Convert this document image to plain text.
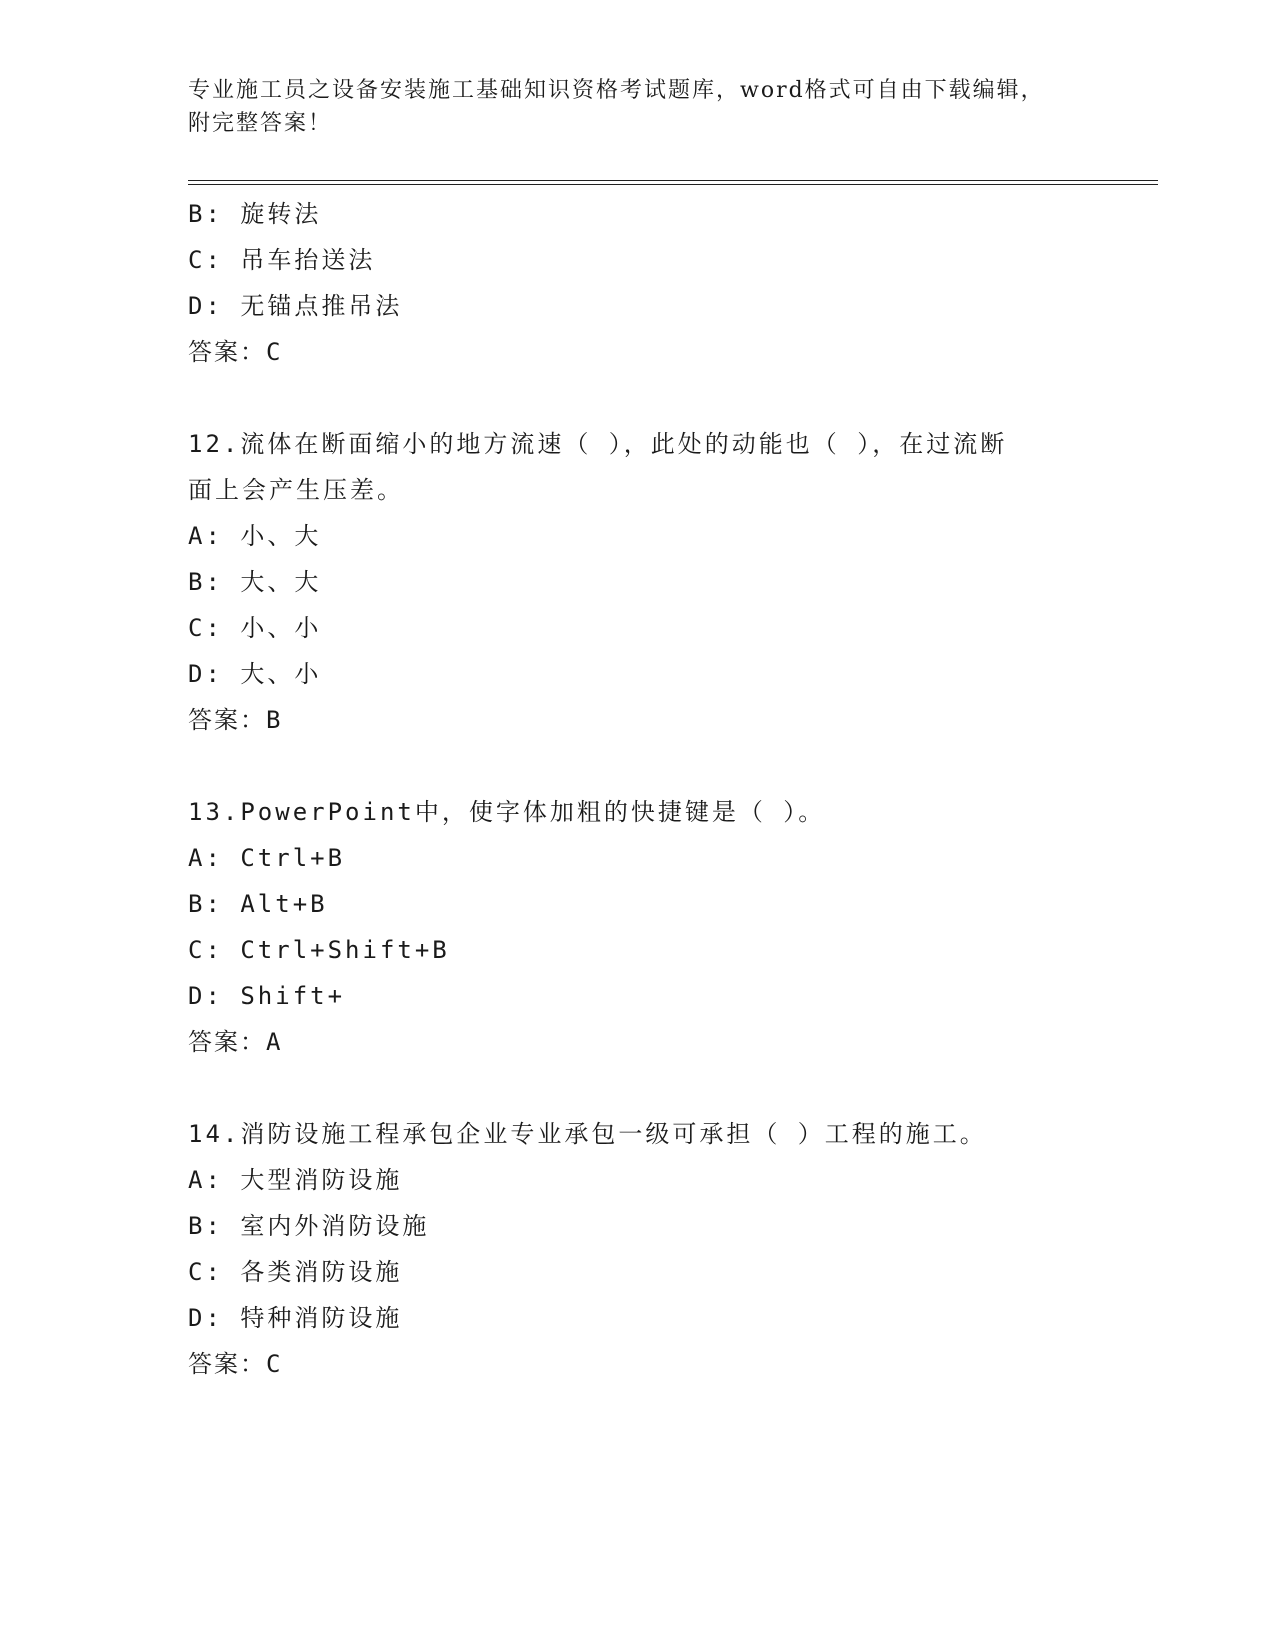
专业施工员之设备安装施工基础知识资格考试题库，word格式可自由下载编辑，
附完整答案！
B: 旋转法
C: 吊车抬送法
D: 无锚点推吊法
答案：C
12.流体在断面缩小的地方流速（ ），此处的动能也（ ），在过流断
面上会产生压差。
A: 小、大
B: 大、大
C: 小、小
D: 大、小
答案：B
13.PowerPoint中，使字体加粗的快捷键是（ ）。
A: Ctrl+B
B: Alt+B
C: Ctrl+Shift+B
D: Shift+
答案：A
14.消防设施工程承包企业专业承包一级可承担（ ）工程的施工。
A: 大型消防设施
B: 室内外消防设施
C: 各类消防设施
D: 特种消防设施
答案：C
